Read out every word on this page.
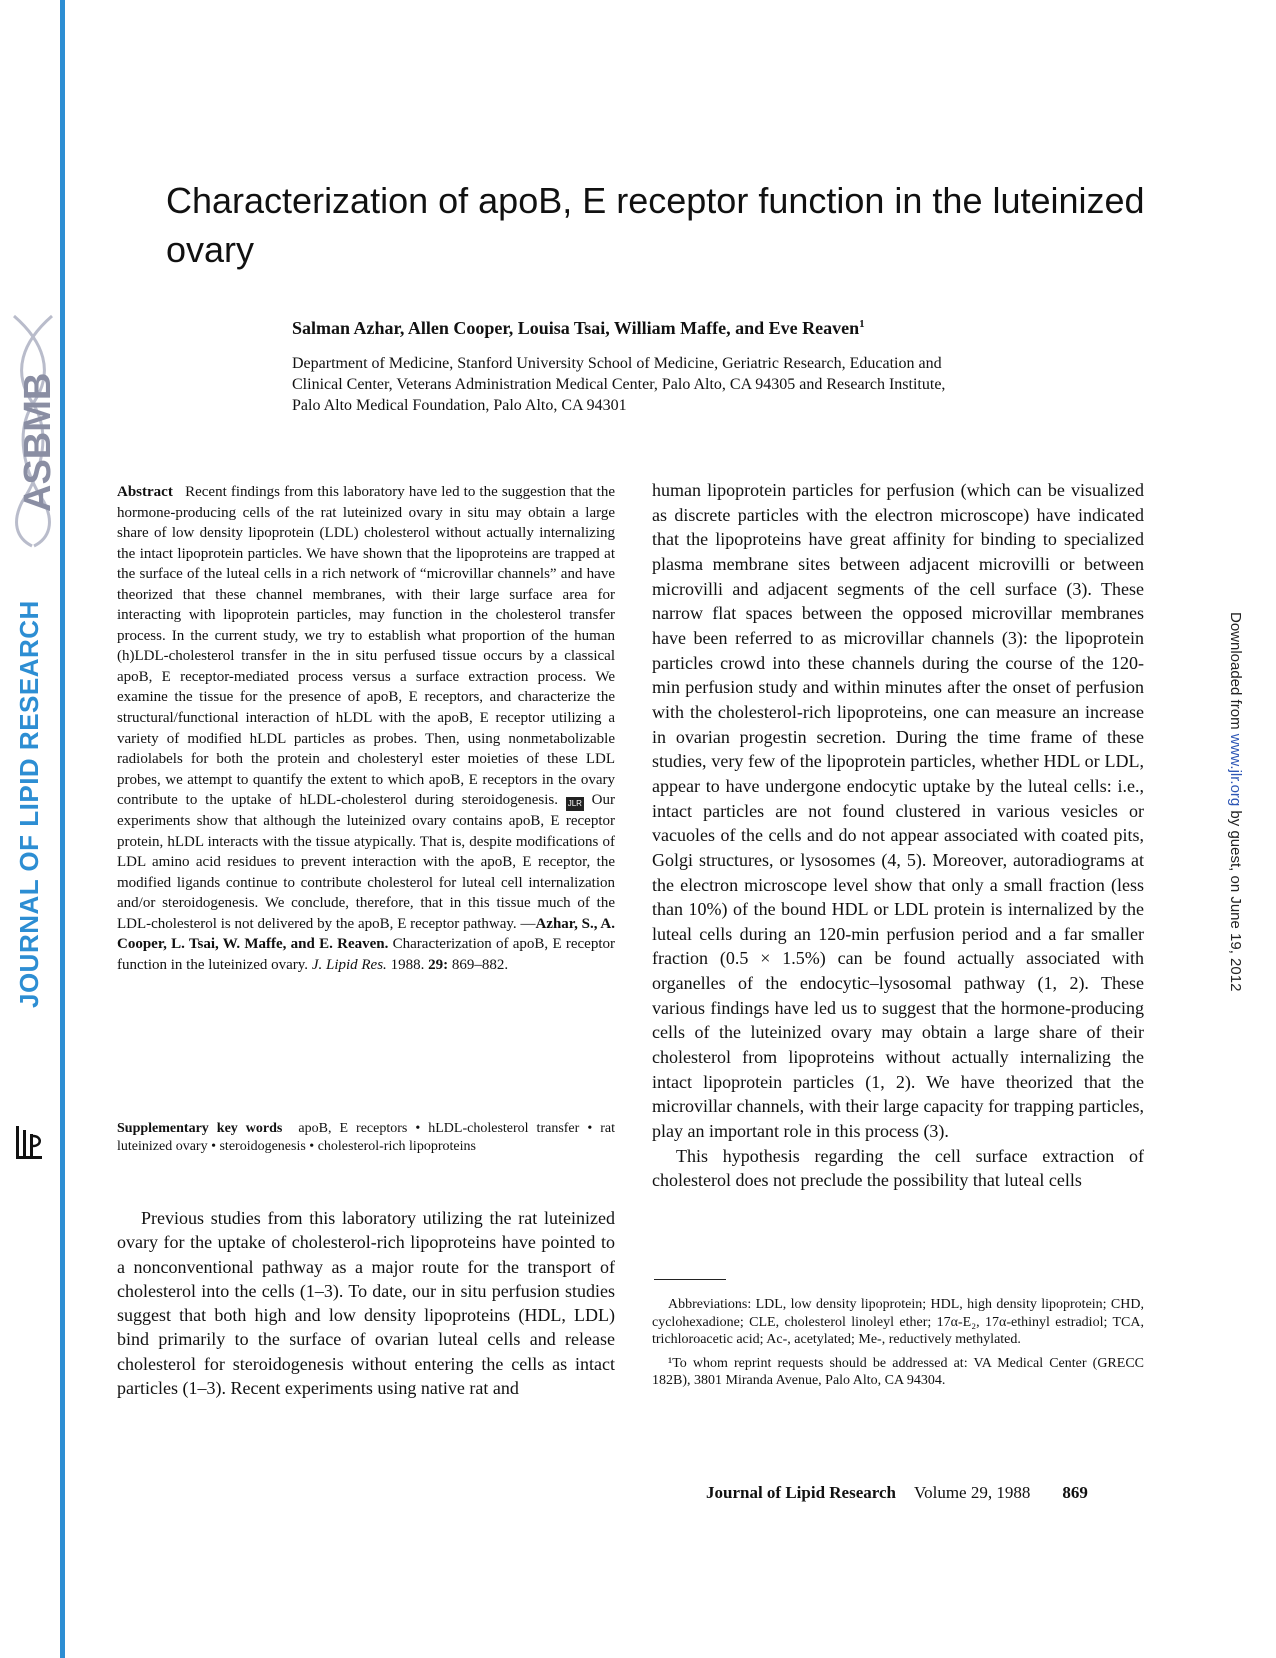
ASBMB
JOURNAL OF LIPID RESEARCH
JLR
Downloaded from www.jlr.org by guest, on June 19, 2012
Characterization of apoB, E receptor function in the luteinized ovary
Salman Azhar, Allen Cooper, Louisa Tsai, William Maffe, and Eve Reaven$^1$
Department of Medicine, Stanford University School of Medicine, Geriatric Research, Education and
Clinical Center, Veterans Administration Medical Center, Palo Alto, CA 94305 and Research Institute,
Palo Alto Medical Foundation, Palo Alto, CA 94301

Abstract Recent findings from this laboratory have led to the suggestion that the hormone-producing cells of the rat luteinized ovary in situ may obtain a large share of low density lipoprotein (LDL) cholesterol without actually internalizing the intact lipoprotein particles. We have shown that the lipoproteins are trapped at the surface of the luteal cells in a rich network of “microvillar channels” and have theorized that these channel membranes, with their large surface area for interacting with lipoprotein particles, may function in the cholesterol transfer process. In the current study, we try to establish what proportion of the human (h)LDL-cholesterol transfer in the in situ perfused tissue occurs by a classical apoB, E receptor-mediated process versus a surface extraction process. We examine the tissue for the presence of apoB, E receptors, and characterize the structural/functional interaction of hLDL with the apoB, E receptor utilizing a variety of modified hLDL particles as probes. Then, using nonmetabolizable radiolabels for both the protein and cholesteryl ester moieties of these LDL probes, we attempt to quantify the extent to which apoB, E receptors in the ovary contribute to the uptake of hLDL-cholesterol during steroidogenesis. JLR Our experiments show that although the luteinized ovary contains apoB, E receptor protein, hLDL interacts with the tissue atypically. That is, despite modifications of LDL amino acid residues to prevent interaction with the apoB, E receptor, the modified ligands continue to contribute cholesterol for luteal cell internalization and/or steroidogenesis. We conclude, therefore, that in this tissue much of the LDL-cholesterol is not delivered by the apoB, E receptor pathway. —Azhar, S., A. Cooper, L. Tsai, W. Maffe, and E. Reaven. Characterization of apoB, E receptor function in the luteinized ovary. J. Lipid Res. 1988. 29: 869–882.

Supplementary key words apoB, E receptors • hLDL-cholesterol transfer • rat luteinized ovary • steroidogenesis • cholesterol-rich lipoproteins

Previous studies from this laboratory utilizing the rat luteinized ovary for the uptake of cholesterol-rich lipoproteins have pointed to a nonconventional pathway as a major route for the transport of cholesterol into the cells (1–3). To date, our in situ perfusion studies suggest that both high and low density lipoproteins (HDL, LDL) bind primarily to the surface of ovarian luteal cells and release cholesterol for steroidogenesis without entering the cells as intact particles (1–3). Recent experiments using native rat and

human lipoprotein particles for perfusion (which can be visualized as discrete particles with the electron microscope) have indicated that the lipoproteins have great affinity for binding to specialized plasma membrane sites between adjacent microvilli or between microvilli and adjacent segments of the cell surface (3). These narrow flat spaces between the opposed microvillar membranes have been referred to as microvillar channels (3): the lipoprotein particles crowd into these channels during the course of the 120-min perfusion study and within minutes after the onset of perfusion with the cholesterol-rich lipoproteins, one can measure an increase in ovarian progestin secretion. During the time frame of these studies, very few of the lipoprotein particles, whether HDL or LDL, appear to have undergone endocytic uptake by the luteal cells: i.e., intact particles are not found clustered in various vesicles or vacuoles of the cells and do not appear associated with coated pits, Golgi structures, or lysosomes (4, 5). Moreover, autoradiograms at the electron microscope level show that only a small fraction (less than 10%) of the bound HDL or LDL protein is internalized by the luteal cells during an 120-min perfusion period and a far smaller fraction (0.5 × 1.5%) can be found actually associated with organelles of the endocytic–lysosomal pathway (1, 2). These various findings have led us to suggest that the hormone-producing cells of the luteinized ovary may obtain a large share of their cholesterol from lipoproteins without actually internalizing the intact lipoprotein particles (1, 2). We have theorized that the microvillar channels, with their large capacity for trapping particles, play an important role in this process (3).

This hypothesis regarding the cell surface extraction of cholesterol does not preclude the possibility that luteal cells

Abbreviations: LDL, low density lipoprotein; HDL, high density lipoprotein; CHD, cyclohexadione; CLE, cholesterol linoleyl ether; 17α-E₂, 17α-ethinyl estradiol; TCA, trichloroacetic acid; Ac-, acetylated; Me-, reductively methylated.

¹To whom reprint requests should be addressed at: VA Medical Center (GRECC 182B), 3801 Miranda Avenue, Palo Alto, CA 94304.

Journal of Lipid Research Volume 29, 1988 869
